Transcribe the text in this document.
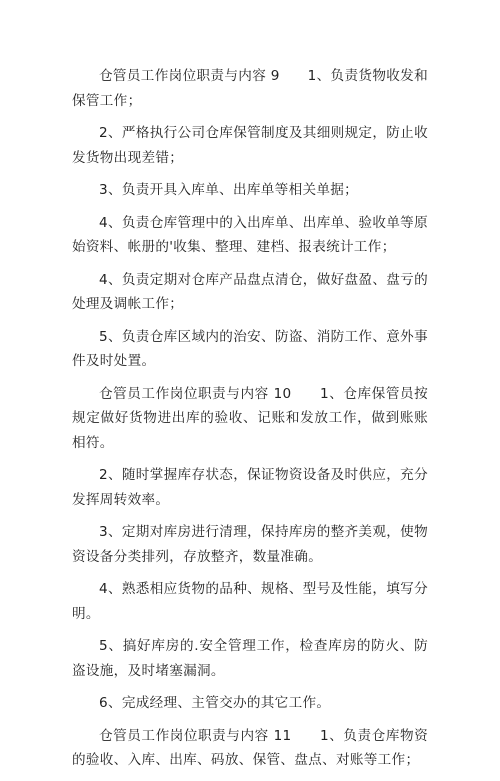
仓管员工作岗位职责与内容 9　　1、负责货物收发和保管工作；

2、严格执行公司仓库保管制度及其细则规定，防止收发货物出现差错；

3、负责开具入库单、出库单等相关单据；

4、负责仓库管理中的入出库单、出库单、验收单等原始资料、帐册的'收集、整理、建档、报表统计工作；

4、负责定期对仓库产品盘点清仓，做好盘盈、盘亏的处理及调帐工作；

5、负责仓库区域内的治安、防盗、消防工作、意外事件及时处置。

仓管员工作岗位职责与内容 10　　1、仓库保管员按规定做好货物进出库的验收、记账和发放工作，做到账账相符。

2、随时掌握库存状态，保证物资设备及时供应，充分发挥周转效率。

3、定期对库房进行清理，保持库房的整齐美观，使物资设备分类排列，存放整齐，数量准确。

4、熟悉相应货物的品种、规格、型号及性能，填写分明。

5、搞好库房的.安全管理工作，检查库房的防火、防盗设施，及时堵塞漏洞。

6、完成经理、主管交办的其它工作。

仓管员工作岗位职责与内容 11　　1、负责仓库物资的验收、入库、出库、码放、保管、盘点、对账等工作；
